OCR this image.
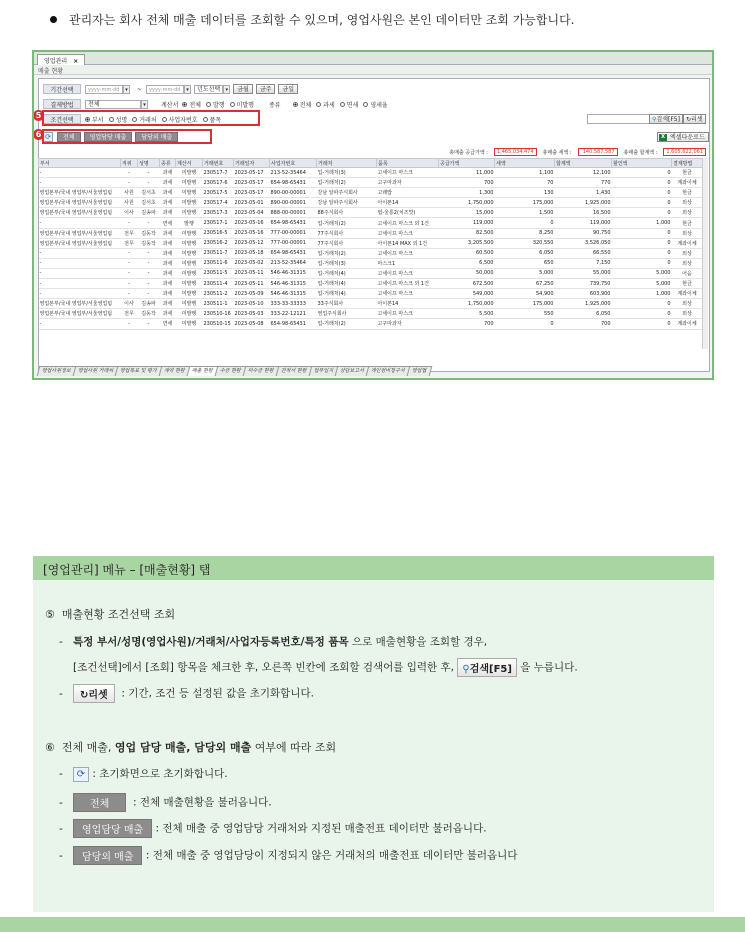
관리자는 회사 전체 매출 데이터를 조회할 수 있으며, 영업사원은 본인 데이터만 조회 가능합니다.
영업관리 ×
매출 현황
기간선택	yyyy-mm-dd	▾	~	yyyy-mm-dd	▾	년도선택	▾	금월	금주	금일
결제방법	전체	▾	계산서 전체 발행 미발행	종류	전체 과세 면세 영세율
조건선택	부서 성명 거래처 사업자번호 품목	⚲검색[F5]	↻리셋
⟳	전체	영업담당 매출	담당외 매출	X 엑셀다운로드
5
6
총매출 공급가액 :	1,465,034,474	총매출 세액 :	140,587,587	총매출 합계액 :	1,605,622,061
부서	직위	성명	종류	계산서	거래번호	거래일자	사업자번호	거래처	품목	공급가액	세액	합계액	할인액	결제방법
-	-	-	과세	미발행	230517-7	2023-05-17	213-52-35464	업-거래처(3)	고세이프 마스크	11,000	1,100	12,100	0	현금
-	-	-	과세	미발행	230517-6	2023-05-17	654-98-65431	업-거래처(2)	고구마과자	700	70	770	0	계좌이체
영업본부/국내 영업부/서울영업팀	사원	김서초	과세	미발행	230517-5	2023-05-17	890-00-00001	강남 알파주식회사	고래밥	1,300	130	1,430	0	현금
영업본부/국내 영업부/서울영업팀	사원	김서초	과세	미발행	230517-4	2023-05-01	890-00-00001	강남 알파주식회사	아이폰14	1,750,000	175,000	1,925,000	0	외상
영업본부/국내 영업부/서울영업팀	이사	김송파	과세	미발행	230517-3	2023-05-04	888-00-00001	88주식회사	엽-울통2(치즈맛)	15,000	1,500	16,500	0	외상
-	-	-	면세	발행	230517-1	2023-05-16	654-98-65431	업-거래처(2)	고세이프 마스크 외 1건	119,000	0	119,000	1,000	현금
영업본부/국내 영업부/서울영업팀	전무	김동작	과세	미발행	230516-5	2023-05-16	777-00-00001	77주식회사	고세이프 마스크	82,500	8,250	90,750	0	외상
영업본부/국내 영업부/서울영업팀	전무	김동작	과세	미발행	230516-2	2023-05-12	777-00-00001	77주식회사	아이폰14 MAX 외 1건	3,205,500	320,550	3,526,050	0	계좌이체
-	-	-	과세	미발행	230511-7	2023-05-18	654-98-65431	업-거래처(2)	고세이프 마스크	60,500	6,050	66,550	0	외상
-	-	-	과세	미발행	230511-6	2023-05-02	213-52-35464	업-거래처(3)	마스크1	6,500	650	7,150	0	외상
-	-	-	과세	미발행	230511-5	2023-05-11	546-46-31315	업-거래처(4)	고세이프 마스크	50,000	5,000	55,000	5,000	어음
-	-	-	과세	미발행	230511-4	2023-05-11	546-46-31315	업-거래처(4)	고세이프 마스크 외 1건	672,500	67,250	739,750	5,000	현금
-	-	-	과세	미발행	230511-2	2023-05-09	546-46-31315	업-거래처(4)	고세이프 마스크	549,000	54,900	603,900	1,000	계좌이체
영업본부/국내 영업부/서울영업팀	이사	김송파	과세	미발행	230511-1	2023-05-10	333-33-33333	33주식회사	아이폰14	1,750,000	175,000	1,925,000	0	외상
영업본부/국내 영업부/서울영업팀	전무	김동작	과세	미발행	230510-16	2023-05-03	333-22-12121	영업주식회사	고세이프 마스크	5,500	550	6,050	0	외상
-	-	-	면세	미발행	230510-15	2023-05-08	654-98-65431	업-거래처(2)	고구마과자	700	0	700	0	계좌이체
영업사원정보	영업사원 거래처	영업목표 및 평가	계약 현황	매출 현황	수금 현황	미수금 현황	견적서 현황	업무일지	상담보고서	개인검비청구서	영업협
[영업관리] 메뉴 – [매출현황] 탭
⑤ 매출현황 조건선택 조회
- 특정 부서/성명(영업사원)/거래처/사업자등록번호/특정 품목 으로 매출현황을 조회할 경우,
[조건선택]에서 [조회] 항목을 체크한 후, 오른쪽 빈칸에 조회할 검색어를 입력한 후, ⚲검색[F5] 을 누릅니다.
- ↻리셋 : 기간, 조건 등 설정된 값을 초기화합니다.
⑥ 전체 매출, 영업 담당 매출, 담당외 매출 여부에 따라 조회
- ⟳ : 초기화면으로 초기화합니다.
-	전체 : 전체 매출현황을 불러옵니다.
- 영업담당 매출 : 전체 매출 중 영업담당 거래처와 지정된 매출전표 데이터만 불러옵니다.
- 담당외 매출 : 전체 매출 중 영업담당이 지정되지 않은 거래처의 매출전표 데이터만 불러옵니다
